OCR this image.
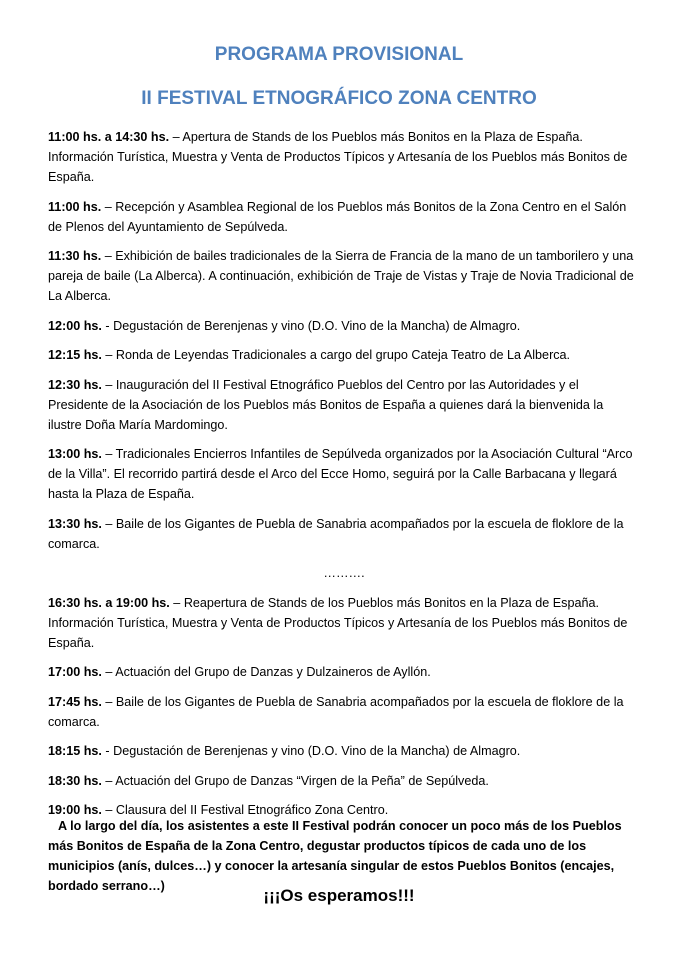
PROGRAMA PROVISIONAL
II FESTIVAL ETNOGRÁFICO ZONA CENTRO

11:00 hs. a 14:30 hs. – Apertura de Stands de los Pueblos más Bonitos en la Plaza de España. Información Turística, Muestra y Venta de Productos Típicos y Artesanía de los Pueblos más Bonitos de España.

11:00 hs. – Recepción y Asamblea Regional de los Pueblos más Bonitos de la Zona Centro en el Salón de Plenos del Ayuntamiento de Sepúlveda.

11:30 hs. – Exhibición de bailes tradicionales de la Sierra de Francia de la mano de un tamborilero y una pareja de baile (La Alberca). A continuación, exhibición de Traje de Vistas y Traje de Novia Tradicional de La Alberca.

12:00 hs. - Degustación de Berenjenas y vino (D.O. Vino de la Mancha) de Almagro.

12:15 hs. – Ronda de Leyendas Tradicionales a cargo del grupo Cateja Teatro de La Alberca.

12:30 hs. – Inauguración del II Festival Etnográfico Pueblos del Centro por las Autoridades y el Presidente de la Asociación de los Pueblos más Bonitos de España a quienes dará la bienvenida la ilustre Doña María Mardomingo.

13:00 hs. – Tradicionales Encierros Infantiles de Sepúlveda organizados por la Asociación Cultural “Arco de la Villa”. El recorrido partirá desde el Arco del Ecce Homo, seguirá por la Calle Barbacana y llegará hasta la Plaza de España.

13:30 hs. – Baile de los Gigantes de Puebla de Sanabria acompañados por la escuela de floklore de la comarca.

……….

16:30 hs. a 19:00 hs. – Reapertura de Stands de los Pueblos más Bonitos en la Plaza de España. Información Turística, Muestra y Venta de Productos Típicos y Artesanía de los Pueblos más Bonitos de España.

17:00 hs. – Actuación del Grupo de Danzas y Dulzaineros de Ayllón.

17:45 hs. – Baile de los Gigantes de Puebla de Sanabria acompañados por la escuela de floklore de la comarca.

18:15 hs. - Degustación de Berenjenas y vino (D.O. Vino de la Mancha) de Almagro.

18:30 hs. – Actuación del Grupo de Danzas “Virgen de la Peña” de Sepúlveda.

19:00 hs. – Clausura del II Festival Etnográfico Zona Centro.

A lo largo del día, los asistentes a este II Festival podrán conocer un poco más de los Pueblos más Bonitos de España de la Zona Centro, degustar productos típicos de cada uno de los municipios (anís, dulces…) y conocer la artesanía singular de estos Pueblos Bonitos (encajes, bordado serrano…)	¡¡¡Os esperamos!!!
